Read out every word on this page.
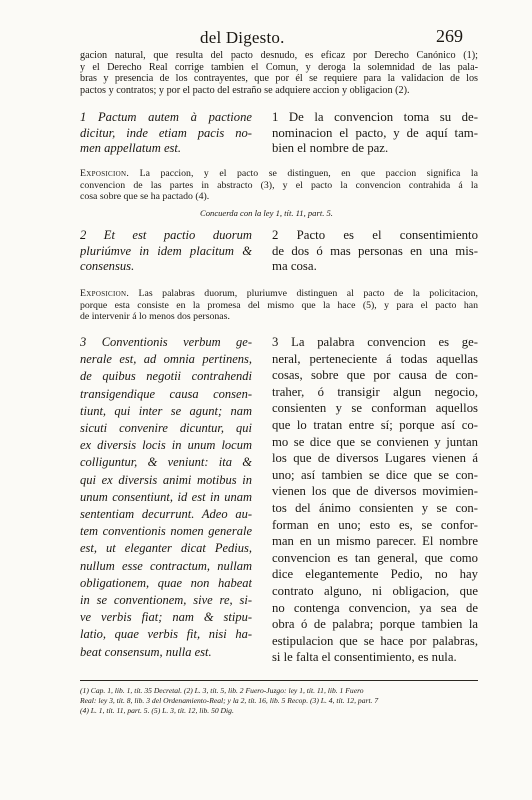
del Digesto.	269
gacion natural, que resulta del pacto desnudo, es eficaz por Derecho Canónico (1);
y el Derecho Real corrige tambien el Comun, y deroga la solemnidad de las pala-
bras y presencia de los contrayentes, que por él se requiere para la validacion de los
pactos y contratos; y por el pacto del estraño se adquiere accion y obligacion (2).
1 Pactum autem à pactione
dicitur, inde etiam pacis no-
men appellatum est.
1 De la convencion toma su de-
nominacion el pacto, y de aquí tam-
bien el nombre de paz.
Exposicion. La paccion, y el pacto se distinguen, en que paccion significa la
convencion de las partes in abstracto (3), y el pacto la convencion contrahida á la
cosa sobre que se ha pactado (4).
Concuerda con la ley 1, tít. 11, part. 5.
2 Et est pactio duorum
pluriúmve in idem placitum &
consensus.
2 Pacto es el consentimiento
de dos ó mas personas en una mis-
ma cosa.
Exposicion. Las palabras duorum, pluriumve distinguen al pacto de la policitacion,
porque esta consiste en la promesa del mismo que la hace (5), y para el pacto han
de intervenir á lo menos dos personas.
3 Conventionis verbum ge-
nerale est, ad omnia pertinens,
de quibus negotii contrahendi
transigendique causa consen-
tiunt, qui inter se agunt; nam
sicuti convenire dicuntur, qui
ex diversis locis in unum locum
colliguntur, & veniunt: ita &
qui ex diversis animi motibus in
unum consentiunt, id est in unam
sententiam decurrunt. Adeo au-
tem conventionis nomen generale
est, ut eleganter dicat Pedius,
nullum esse contractum, nullam
obligationem, quae non habeat
in se conventionem, sive re, si-
ve verbis fiat; nam & stipu-
latio, quae verbis fit, nisi ha-
beat consensum, nulla est.
3 La palabra convencion es ge-
neral, perteneciente á todas aquellas
cosas, sobre que por causa de con-
traher, ó transigir algun negocio,
consienten y se conforman aquellos
que lo tratan entre sí; porque así co-
mo se dice que se convienen y juntan
los que de diversos Lugares vienen á
uno; así tambien se dice que se con-
vienen los que de diversos movimien-
tos del ánimo consienten y se con-
forman en uno; esto es, se confor-
man en un mismo parecer. El nombre
convencion es tan general, que como
dice elegantemente Pedio, no hay
contrato alguno, ni obligacion, que
no contenga convencion, ya sea de
obra ó de palabra; porque tambien la
estipulacion que se hace por palabras,
si le falta el consentimiento, es nula.
(1) Cap. 1, lib. 1, tít. 35 Decretal. (2) L. 3, tít. 5, lib. 2 Fuero-Juzgo: ley 1, tít. 11, lib. 1 Fuero
Real: ley 3, tít. 8, lib. 3 del Ordenamiento-Real; y la 2, tít. 16, lib. 5 Recop. (3) L. 4, tít. 12, part. 7
(4) L. 1, tít. 11, part. 5. (5) L. 3, tít. 12, lib. 50 Dig.
